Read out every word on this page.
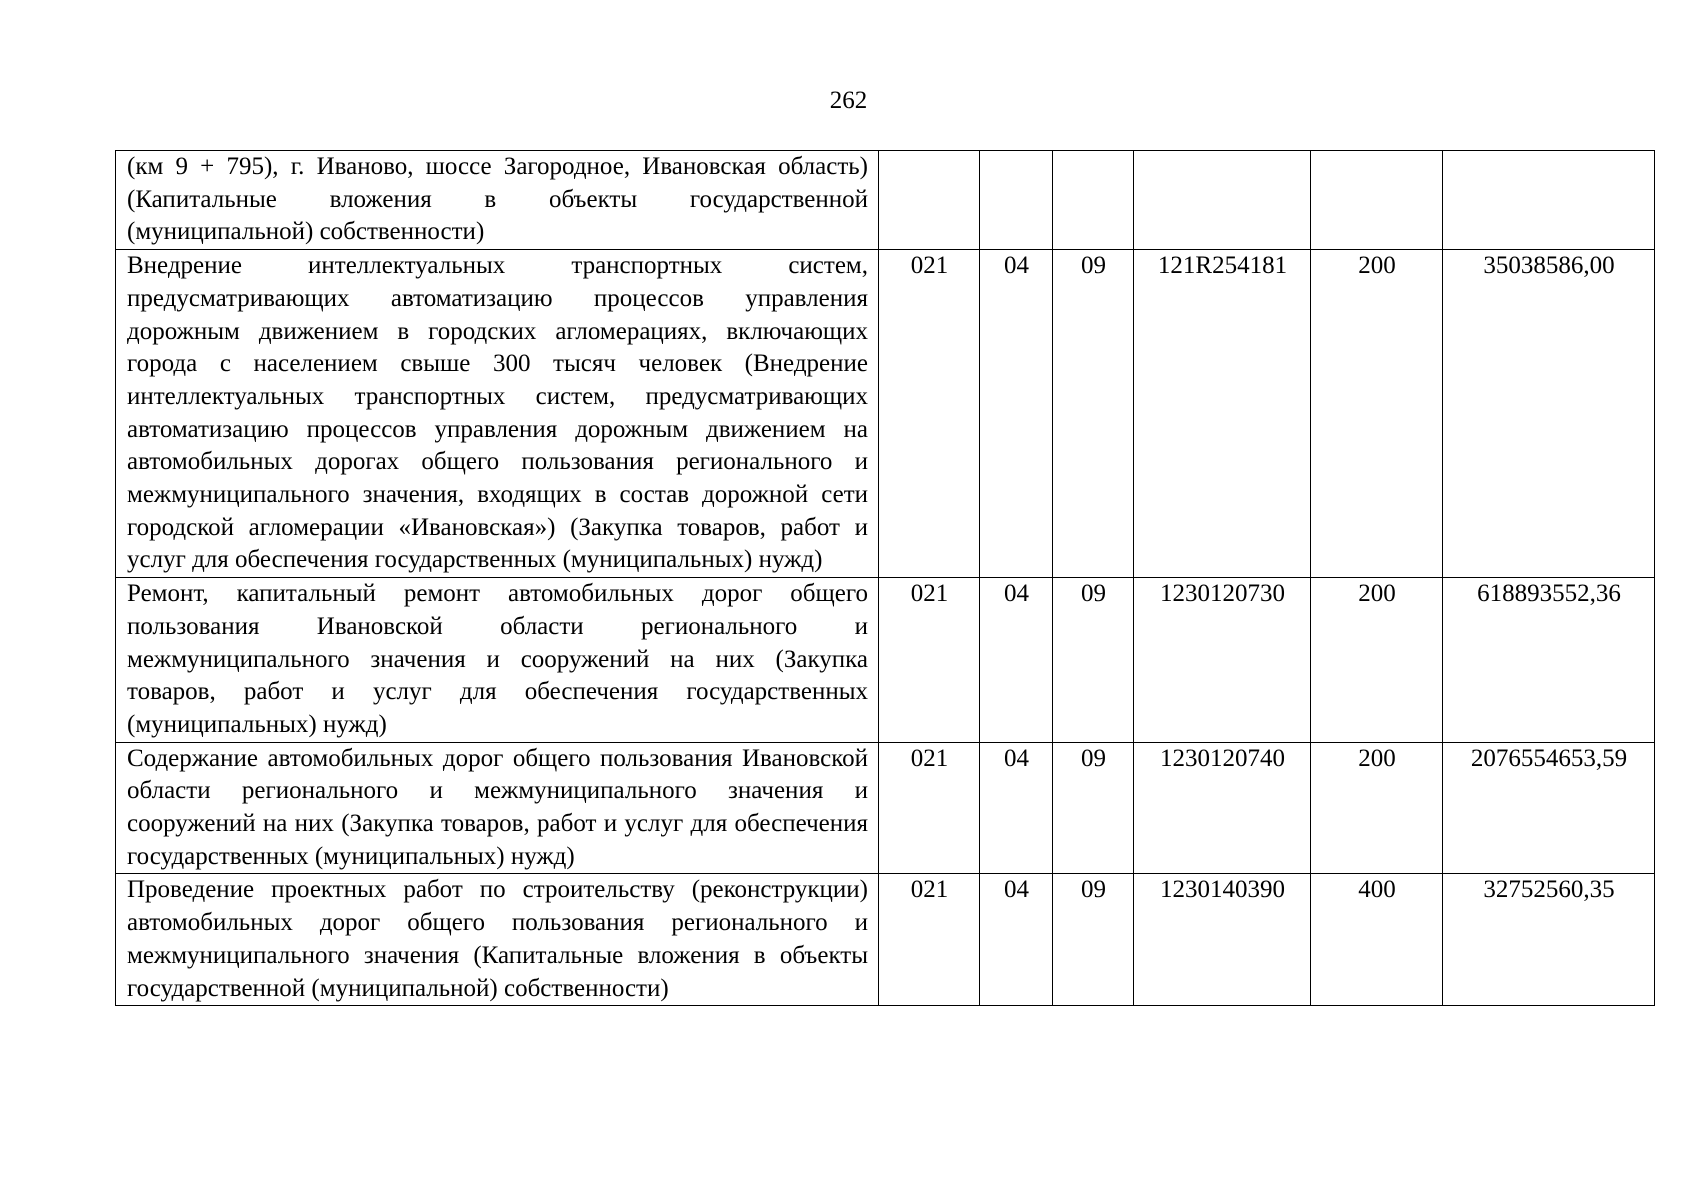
262
(км 9 + 795), г. Иваново, шоссе Загородное, Ивановская область) (Капитальные вложения в объекты государственной (муниципальной) собственности)						
Внедрение интеллектуальных транспортных систем, предусматривающих автоматизацию процессов управления дорожным движением в городских агломерациях, включающих города с населением свыше 300 тысяч человек (Внедрение интеллектуальных транспортных систем, предусматривающих автоматизацию процессов управления дорожным движением на автомобильных дорогах общего пользования регионального и межмуниципального значения, входящих в состав дорожной сети городской агломерации «Ивановская») (Закупка товаров, работ и услуг для обеспечения государственных (муниципальных) нужд)	021	04	09	121R254181	200	35038586,00
Ремонт, капитальный ремонт автомобильных дорог общего пользования Ивановской области регионального и межмуниципального значения и сооружений на них (Закупка товаров, работ и услуг для обеспечения государственных (муниципальных) нужд)	021	04	09	1230120730	200	618893552,36
Содержание автомобильных дорог общего пользования Ивановской области регионального и межмуниципального значения и сооружений на них (Закупка товаров, работ и услуг для обеспечения государственных (муниципальных) нужд)	021	04	09	1230120740	200	2076554653,59
Проведение проектных работ по строительству (реконструкции) автомобильных дорог общего пользования регионального и межмуниципального значения (Капитальные вложения в объекты государственной (муниципальной) собственности)	021	04	09	1230140390	400	32752560,35
